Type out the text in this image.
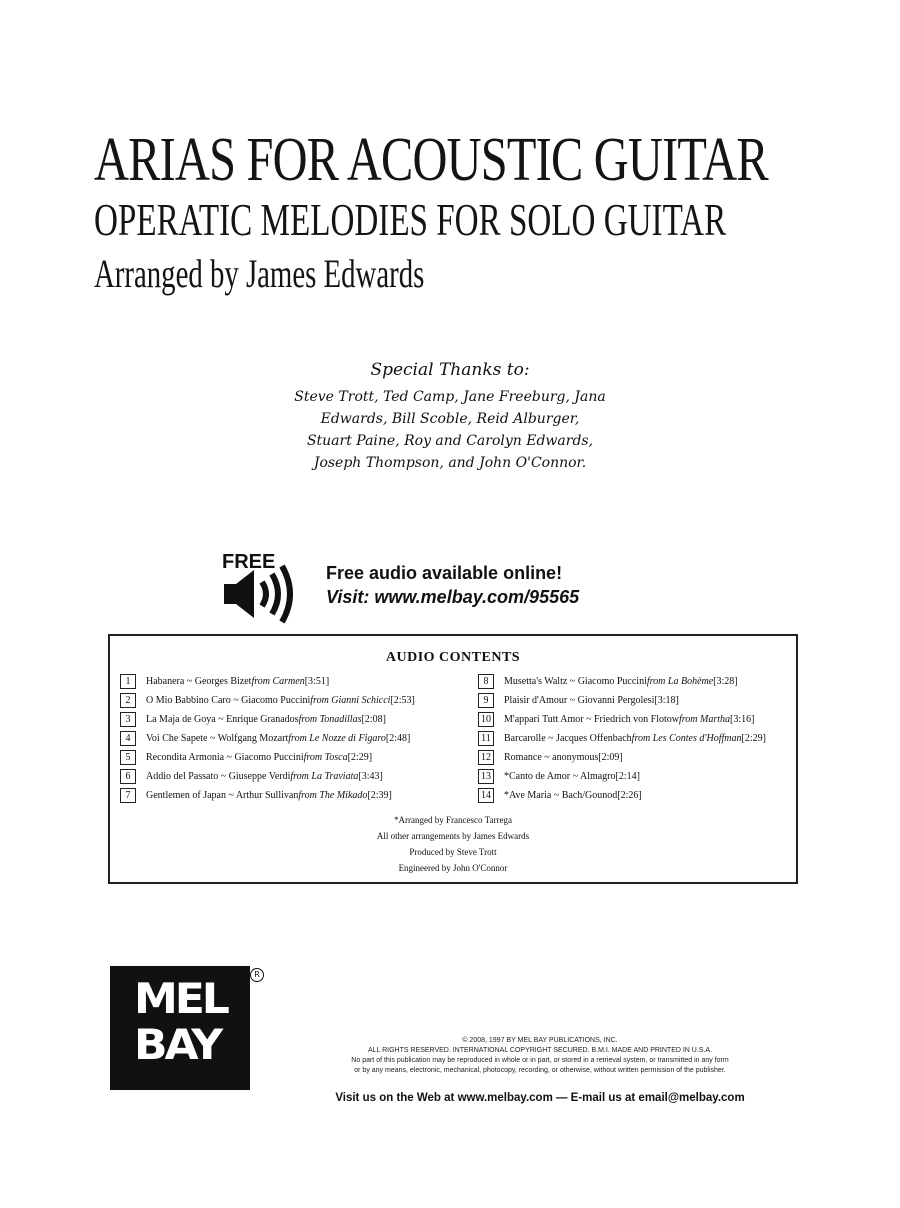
ARIAS FOR ACOUSTIC GUITAR
OPERATIC MELODIES FOR SOLO GUITAR
Arranged by James Edwards
Special Thanks to:
Steve Trott, Ted Camp, Jane Freeburg, Jana
Edwards, Bill Scoble, Reid Alburger,
Stuart Paine, Roy and Carolyn Edwards,
Joseph Thompson, and John O'Connor.
FREE	Free audio available online!
Visit: www.melbay.com/95565
AUDIO CONTENTS
1	Habanera ~ Georges Bizet from Carmen [3:51]
2	O Mio Babbino Caro ~ Giacomo Puccini from Gianni Schicci [2:53]
3	La Maja de Goya ~ Enrique Granados from Tonadillas [2:08]
4	Voi Che Sapete ~ Wolfgang Mozart from Le Nozze di Figaro [2:48]
5	Recondita Armonia ~ Giacomo Puccini from Tosca [2:29]
6	Addio del Passato ~ Giuseppe Verdi from La Traviata [3:43]
7	Gentlemen of Japan ~ Arthur Sullivan from The Mikado [2:39]
8	Musetta's Waltz ~ Giacomo Puccini from La Bohème [3:28]
9	Plaisir d'Amour ~ Giovanni Pergolesi [3:18]
10	M'appari Tutt Amor ~ Friedrich von Flotow from Martha [3:16]
11	Barcarolle ~ Jacques Offenbach from Les Contes d'Hoffman [2:29]
12	Romance ~ anonymous [2:09]
13	*Canto de Amor ~ Almagro [2:14]
14	*Ave Maria ~ Bach/Gounod [2:26]
*Arranged by Francesco Tarrega
All other arrangements by James Edwards
Produced by Steve Trott
Engineered by John O'Connor
MEL
BAY
R
© 2008, 1997 BY MEL BAY PUBLICATIONS, INC.
ALL RIGHTS RESERVED. INTERNATIONAL COPYRIGHT SECURED. B.M.I. MADE AND PRINTED IN U.S.A.
No part of this publication may be reproduced in whole or in part, or stored in a retrieval system, or transmitted in any form
or by any means, electronic, mechanical, photocopy, recording, or otherwise, without written permission of the publisher.
Visit us on the Web at www.melbay.com — E-mail us at email@melbay.com
